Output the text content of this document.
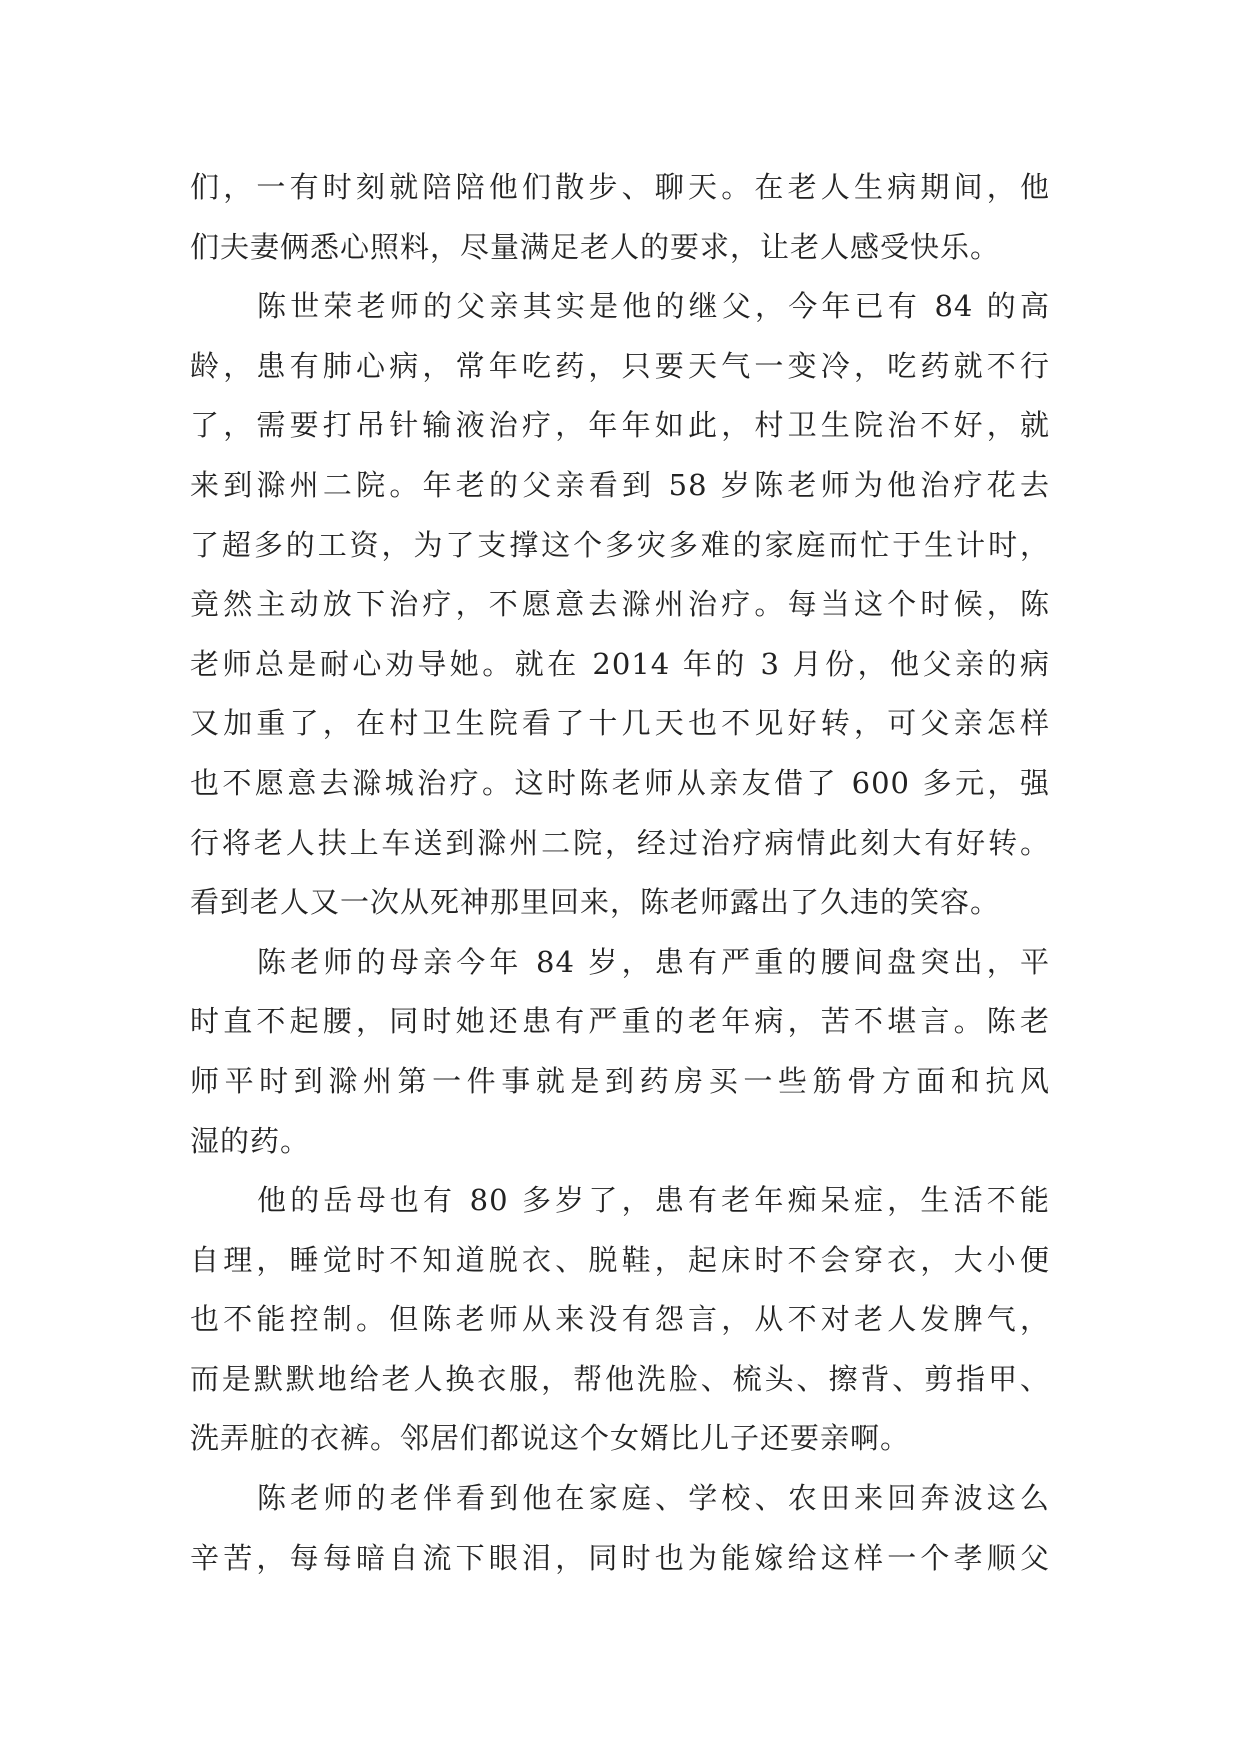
们，一有时刻就陪陪他们散步、聊天。在老人生病期间，他
们夫妻俩悉心照料，尽量满足老人的要求，让老人感受快乐。
陈世荣老师的父亲其实是他的继父，今年已有 84 的高
龄，患有肺心病，常年吃药，只要天气一变冷，吃药就不行
了，需要打吊针输液治疗，年年如此，村卫生院治不好，就
来到滁州二院。年老的父亲看到 58 岁陈老师为他治疗花去
了超多的工资，为了支撑这个多灾多难的家庭而忙于生计时，
竟然主动放下治疗，不愿意去滁州治疗。每当这个时候，陈
老师总是耐心劝导她。就在 2014 年的 3 月份，他父亲的病
又加重了，在村卫生院看了十几天也不见好转，可父亲怎样
也不愿意去滁城治疗。这时陈老师从亲友借了 600 多元，强
行将老人扶上车送到滁州二院，经过治疗病情此刻大有好转。
看到老人又一次从死神那里回来，陈老师露出了久违的笑容。
陈老师的母亲今年 84 岁，患有严重的腰间盘突出，平
时直不起腰，同时她还患有严重的老年病，苦不堪言。陈老
师平时到滁州第一件事就是到药房买一些筋骨方面和抗风
湿的药。
他的岳母也有 80 多岁了，患有老年痴呆症，生活不能
自理，睡觉时不知道脱衣、脱鞋，起床时不会穿衣，大小便
也不能控制。但陈老师从来没有怨言，从不对老人发脾气，
而是默默地给老人换衣服，帮他洗脸、梳头、擦背、剪指甲、
洗弄脏的衣裤。邻居们都说这个女婿比儿子还要亲啊。
陈老师的老伴看到他在家庭、学校、农田来回奔波这么
辛苦，每每暗自流下眼泪，同时也为能嫁给这样一个孝顺父
